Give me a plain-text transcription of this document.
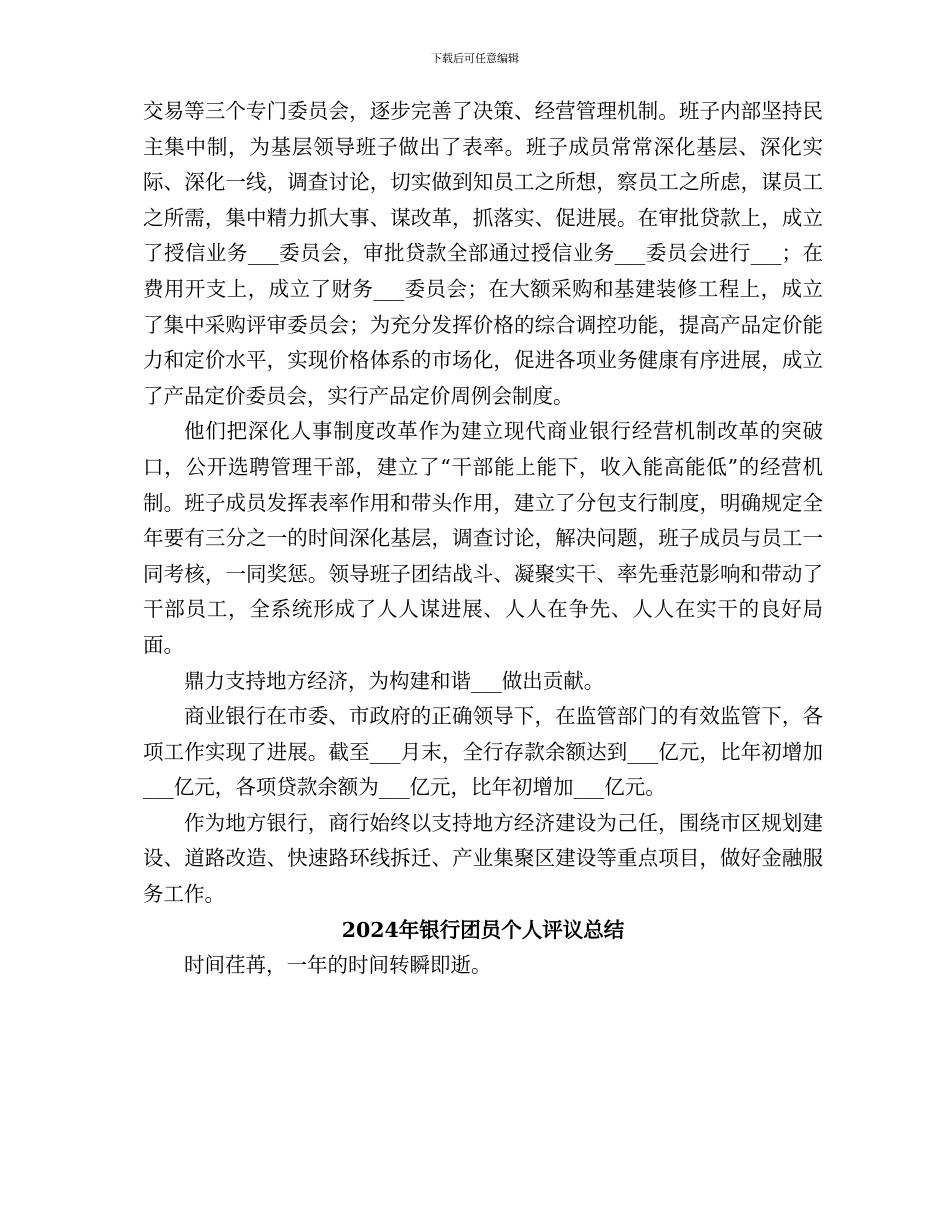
下载后可任意编辑

交易等三个专门委员会，逐步完善了决策、经营管理机制。班子内部坚持民主集中制，为基层领导班子做出了表率。班子成员常常深化基层、深化实际、深化一线，调查讨论，切实做到知员工之所想，察员工之所虑，谋员工之所需，集中精力抓大事、谋改革，抓落实、促进展。在审批贷款上，成立了授信业务___委员会，审批贷款全部通过授信业务___委员会进行___；在费用开支上，成立了财务___委员会；在大额采购和基建装修工程上，成立了集中采购评审委员会；为充分发挥价格的综合调控功能，提高产品定价能力和定价水平，实现价格体系的市场化，促进各项业务健康有序进展，成立了产品定价委员会，实行产品定价周例会制度。

他们把深化人事制度改革作为建立现代商业银行经营机制改革的突破口，公开选聘管理干部，建立了“干部能上能下，收入能高能低”的经营机制。班子成员发挥表率作用和带头作用，建立了分包支行制度，明确规定全年要有三分之一的时间深化基层，调查讨论，解决问题，班子成员与员工一同考核，一同奖惩。领导班子团结战斗、凝聚实干、率先垂范影响和带动了干部员工，全系统形成了人人谋进展、人人在争先、人人在实干的良好局面。

鼎力支持地方经济，为构建和谐___做出贡献。

商业银行在市委、市政府的正确领导下，在监管部门的有效监管下，各项工作实现了进展。截至___月末，全行存款余额达到___亿元，比年初增加___亿元，各项贷款余额为___亿元，比年初增加___亿元。

作为地方银行，商行始终以支持地方经济建设为己任，围绕市区规划建设、道路改造、快速路环线拆迁、产业集聚区建设等重点项目，做好金融服务工作。

2024年银行团员个人评议总结

时间荏苒，一年的时间转瞬即逝。
